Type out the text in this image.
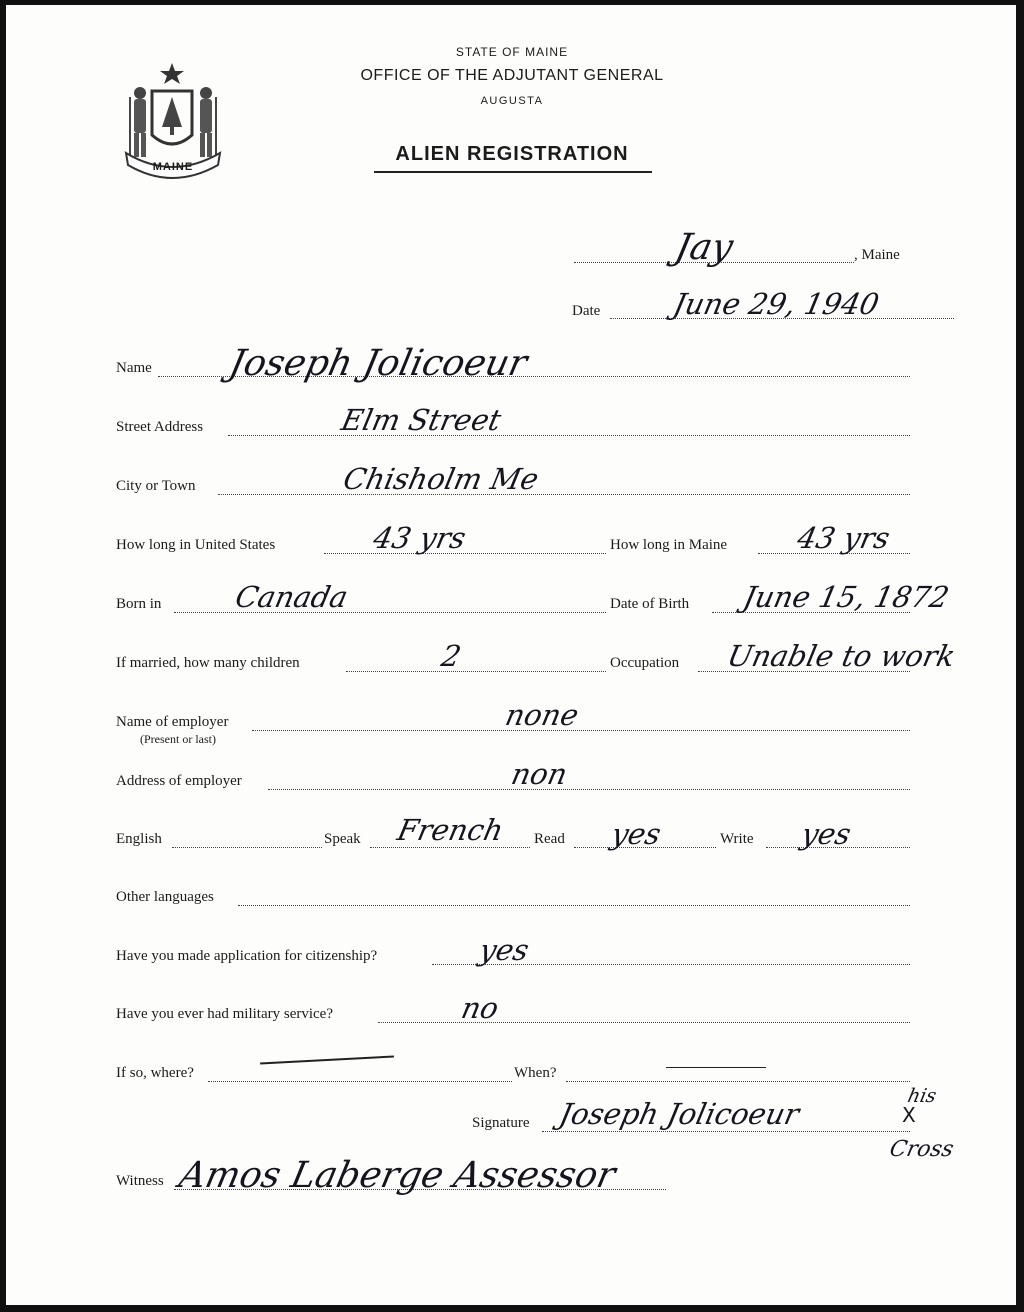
MAINE
STATE OF MAINE
OFFICE OF THE ADJUTANT GENERAL
AUGUSTA
ALIEN REGISTRATION
Jay	, Maine
Date June 29, 1940
Name Joseph Jolicoeur
Street Address	Elm Street
City or Town	Chisholm Me
How long in United States	43 yrs	How long in Maine 43 yrs
Born in Canada	Date of Birth June 15, 1872
If married, how many children	2	Occupation Unable to work
Name of employer
(Present or last)
none
Address of employer	non
English	Speak French Read yes	Write yes
Other languages
Have you made application for citizenship?	yes
Have you ever had military service?	no
If so, where?	When?
Signature Joseph Jolicoeur
his
X
Cross
Witness Amos Laberge Assessor
